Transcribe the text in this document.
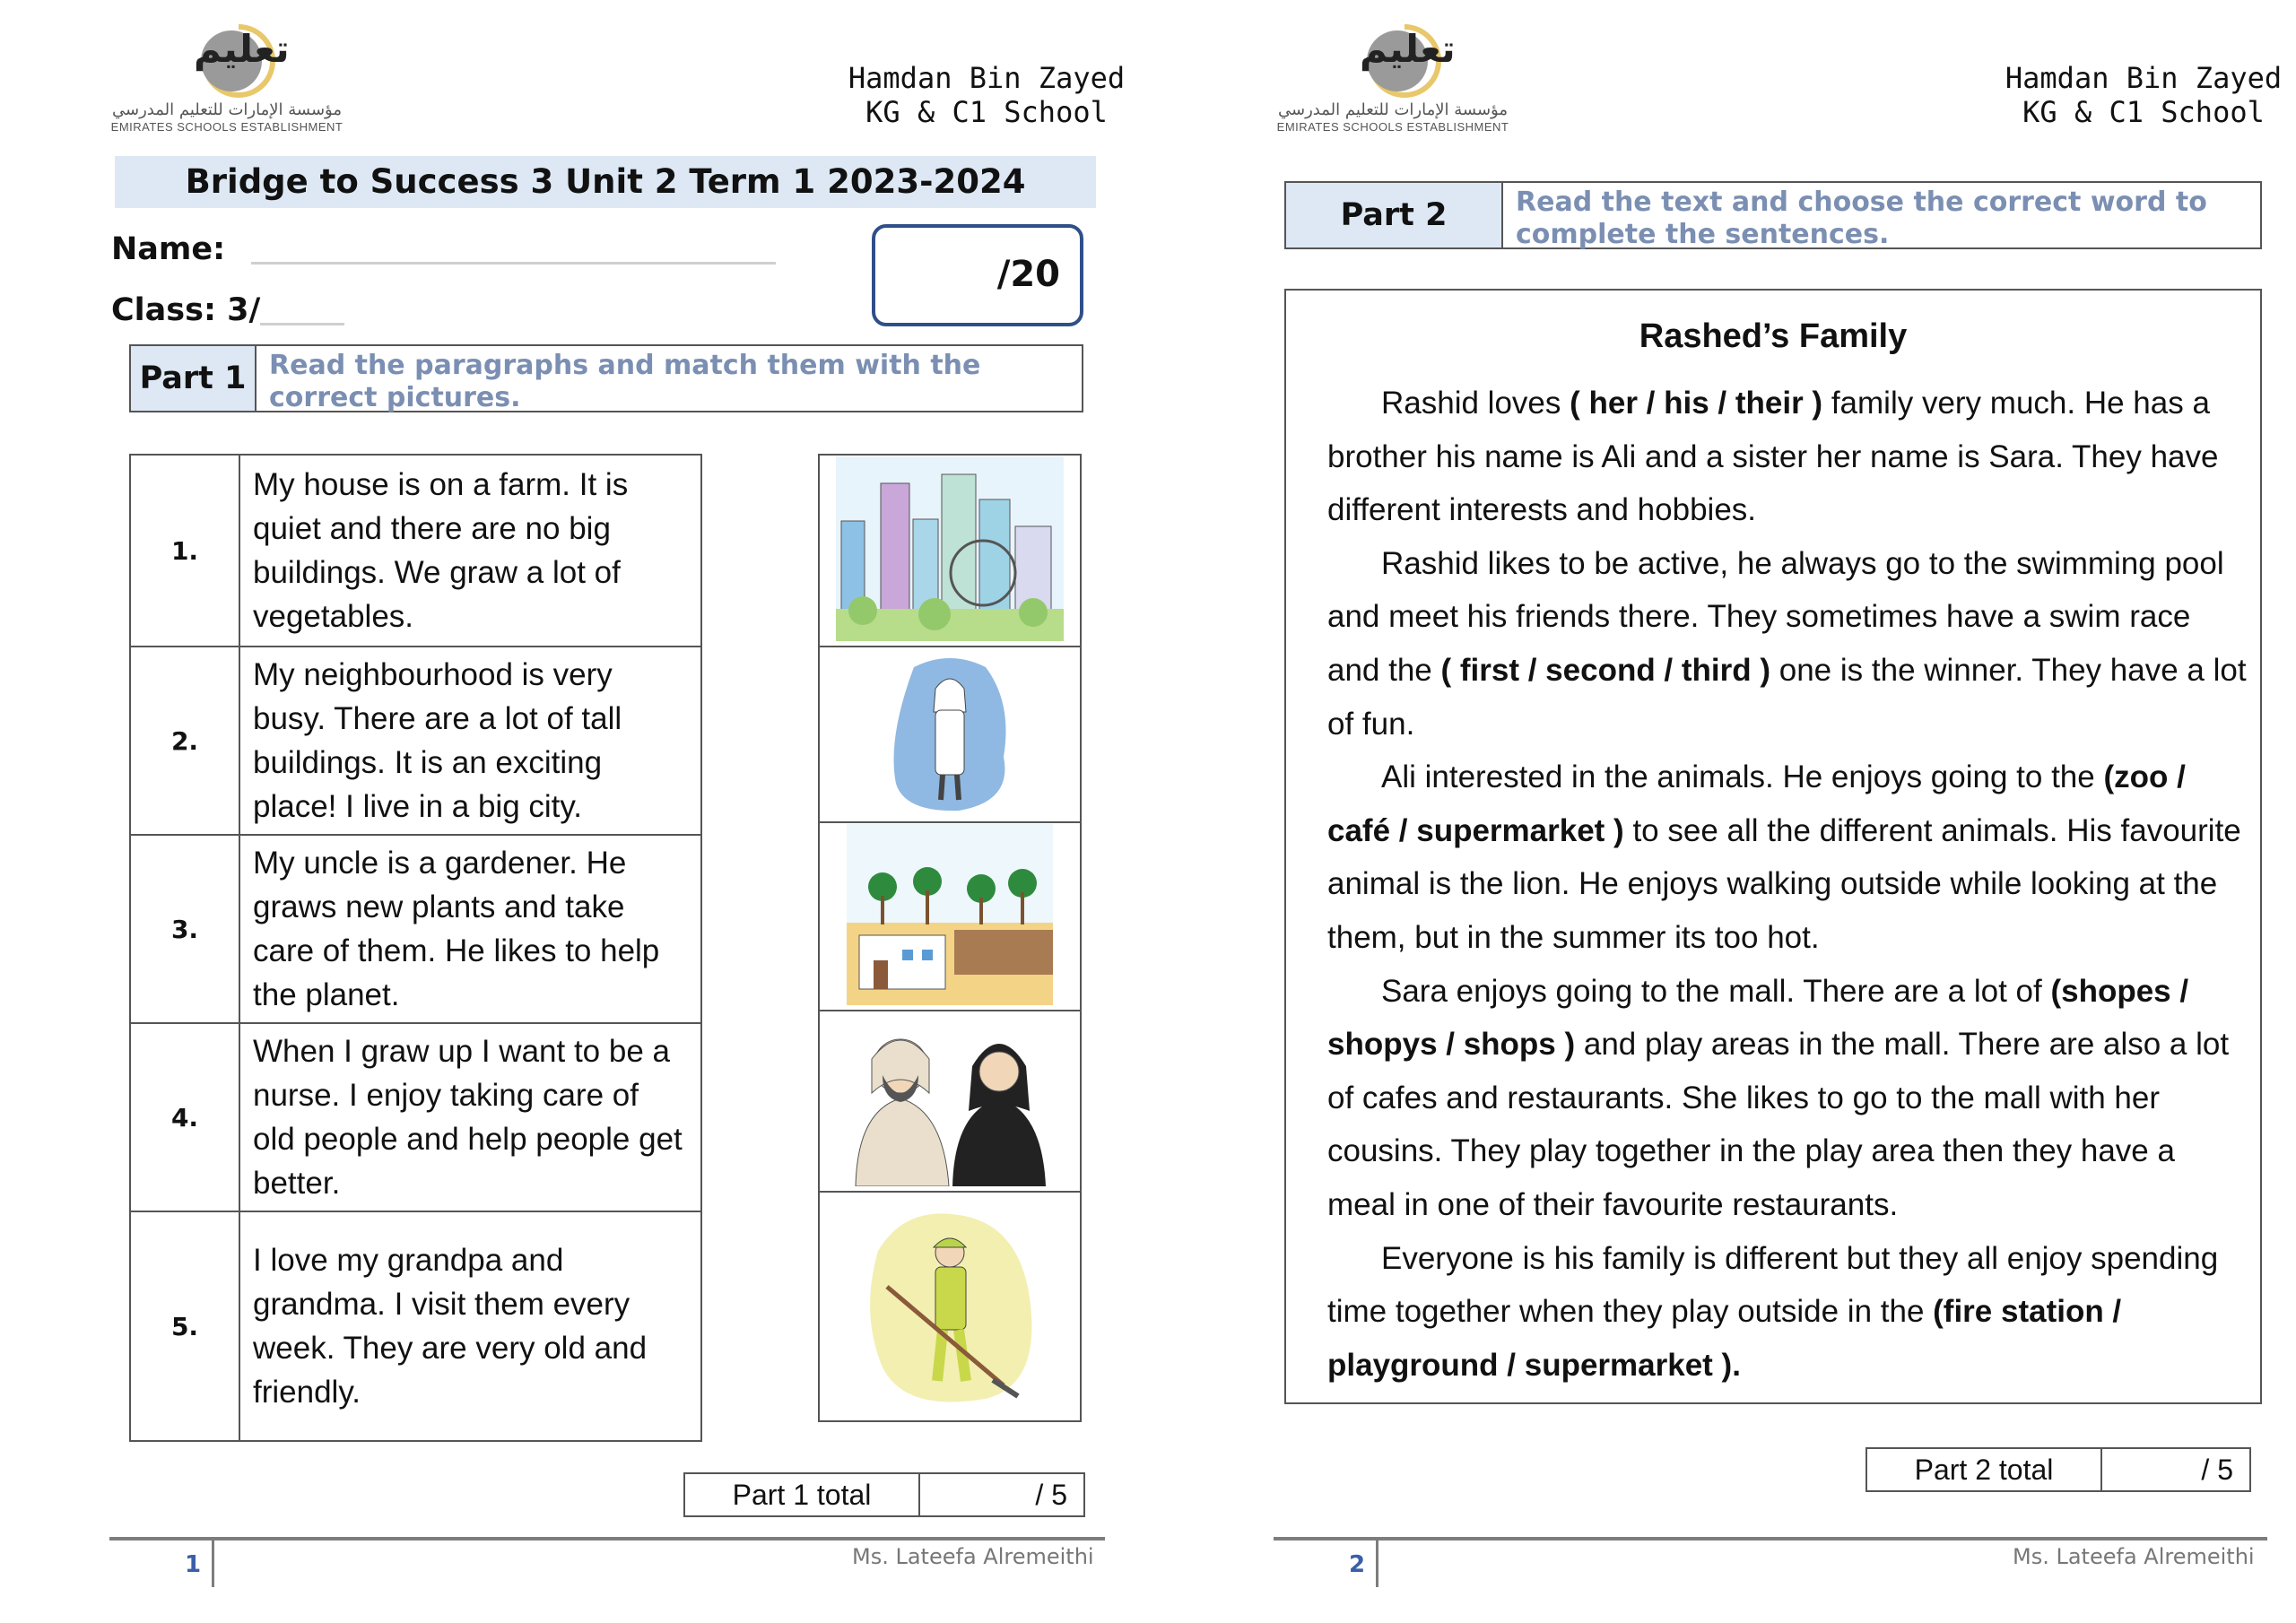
تعليم
مؤسسة الإمارات للتعليم المدرسي
EMIRATES SCHOOLS ESTABLISHMENT
Hamdan Bin Zayed
KG & C1 School
Bridge to Success 3 Unit 2 Term 1 2023-2024
Name:
Class: 3/
/20
Part 1 Read the paragraphs and match them with the correct pictures.
1.	My house is on a farm. It is quiet and there are no big buildings. We graw a lot of vegetables.
2.	My neighbourhood is very busy. There are a lot of tall buildings. It is an exciting place! I live in a big city.
3.	My uncle is a gardener. He graws new plants and take care of them. He likes to help the planet.
4.	When I graw up I want to be a nurse. I enjoy taking care of old people and help people get better.
5.	I love my grandpa and grandma. I visit them every week. They are very old and friendly.

Part 1 total	/ 5
1	Ms. Lateefa Alremeithi
تعليم
مؤسسة الإمارات للتعليم المدرسي
EMIRATES SCHOOLS ESTABLISHMENT
Hamdan Bin Zayed
KG & C1 School
Part 2	Read the text and choose the correct word to complete the sentences.
Rashed’s Family

Rashid loves ( her / his / their ) family very much. He has a brother his name is Ali and a sister her name is Sara. They have different interests and hobbies.

Rashid likes to be active, he always go to the swimming pool and meet his friends there. They sometimes have a swim race and the ( first / second / third ) one is the winner. They have a lot of fun.

Ali interested in the animals. He enjoys going to the (zoo / café / supermarket ) to see all the different animals. His favourite animal is the lion. He enjoys walking outside while looking at the them, but in the summer its too hot.

Sara enjoys going to the mall. There are a lot of (shopes / shopys / shops ) and play areas in the mall. There are also a lot of cafes and restaurants. She likes to go to the mall with her cousins. They play together in the play area then they have a meal in one of their favourite restaurants.

Everyone is his family is different but they all enjoy spending time together when they play outside in the (fire station / playground / supermarket ).

Part 2 total	/ 5
2	Ms. Lateefa Alremeithi
